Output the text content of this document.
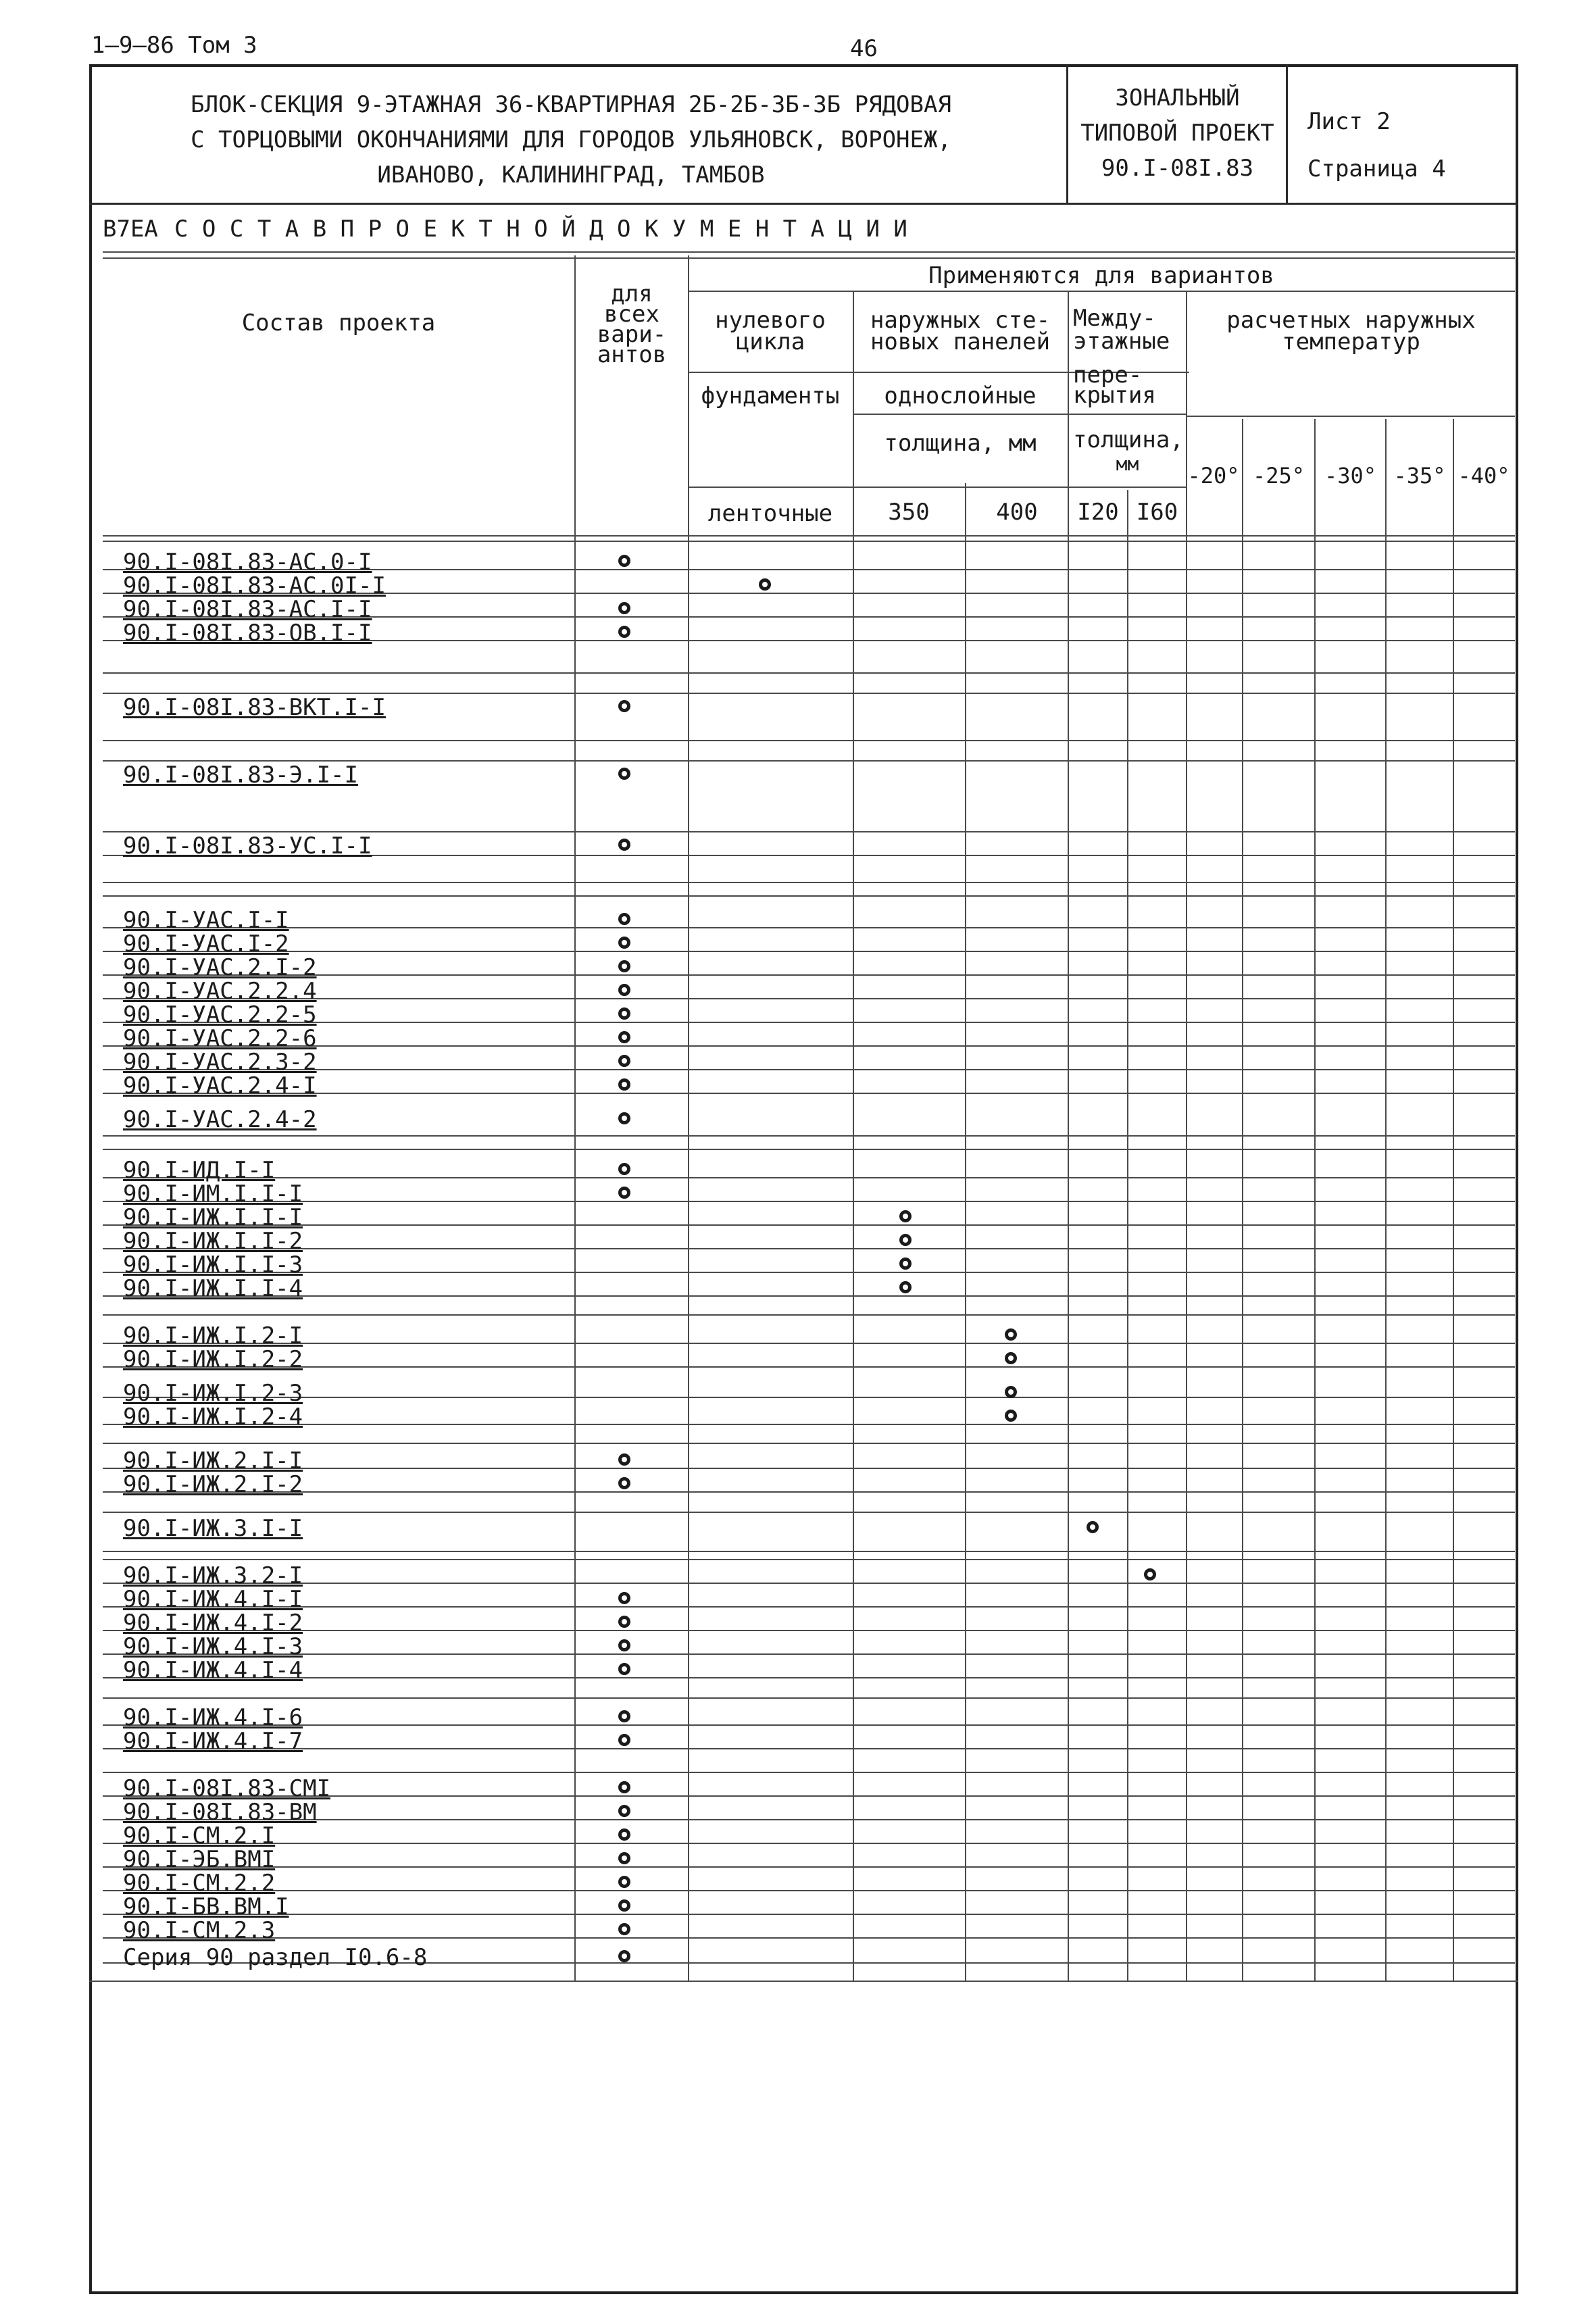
1—9—86 Том 3	46
БЛОК-СЕКЦИЯ 9-ЭТАЖНАЯ 36-КВАРТИРНАЯ 2Б-2Б-3Б-3Б РЯДОВАЯ
С ТОРЦОВЫМИ ОКОНЧАНИЯМИ ДЛЯ ГОРОДОВ УЛЬЯНОВСК, ВОРОНЕЖ,
ИВАНОВО, КАЛИНИНГРАД, ТАМБОВ
ЗОНАЛЬНЫЙ
ТИПОВОЙ ПРОЕКТ
90.I-08I.83
Лист 2
Страница 4
В7ЕА С О С Т А В П Р О Е К Т Н О Й Д О К У М Е Н Т А Ц И И
Состав проекта
для
всех
вари-
антов
Применяются для вариантов
нулевого
цикла
фундаменты
ленточные
наружных сте-
новых панелей
однослойные
толщина, мм
350	400
Между-
этажные
пере-
крытия
толщина,
мм
I20 I60
расчетных наружных
температур
-20° -25° -30° -35° -40°
90.I-08I.83-АС.0-I
90.I-08I.83-АС.0I-I
90.I-08I.83-АС.I-I
90.I-08I.83-ОВ.I-I
90.I-08I.83-ВКТ.I-I
90.I-08I.83-Э.I-I
90.I-08I.83-УС.I-I
90.I-УАС.I-I
90.I-УАС.I-2
90.I-УАС.2.I-2
90.I-УАС.2.2.4
90.I-УАС.2.2-5
90.I-УАС.2.2-6
90.I-УАС.2.3-2
90.I-УАС.2.4-I
90.I-УАС.2.4-2
90.I-ИД.I-I
90.I-ИМ.I.I-I
90.I-ИЖ.I.I-I
90.I-ИЖ.I.I-2
90.I-ИЖ.I.I-3
90.I-ИЖ.I.I-4
90.I-ИЖ.I.2-I
90.I-ИЖ.I.2-2
90.I-ИЖ.I.2-3
90.I-ИЖ.I.2-4
90.I-ИЖ.2.I-I
90.I-ИЖ.2.I-2
90.I-ИЖ.3.I-I
90.I-ИЖ.3.2-I
90.I-ИЖ.4.I-I
90.I-ИЖ.4.I-2
90.I-ИЖ.4.I-3
90.I-ИЖ.4.I-4
90.I-ИЖ.4.I-6
90.I-ИЖ.4.I-7
90.I-08I.83-СМI
90.I-08I.83-ВМ
90.I-СМ.2.I
90.I-ЭБ.ВМI
90.I-СМ.2.2
90.I-БВ.ВМ.I
90.I-СМ.2.3
Серия 90 раздел I0.6-8
